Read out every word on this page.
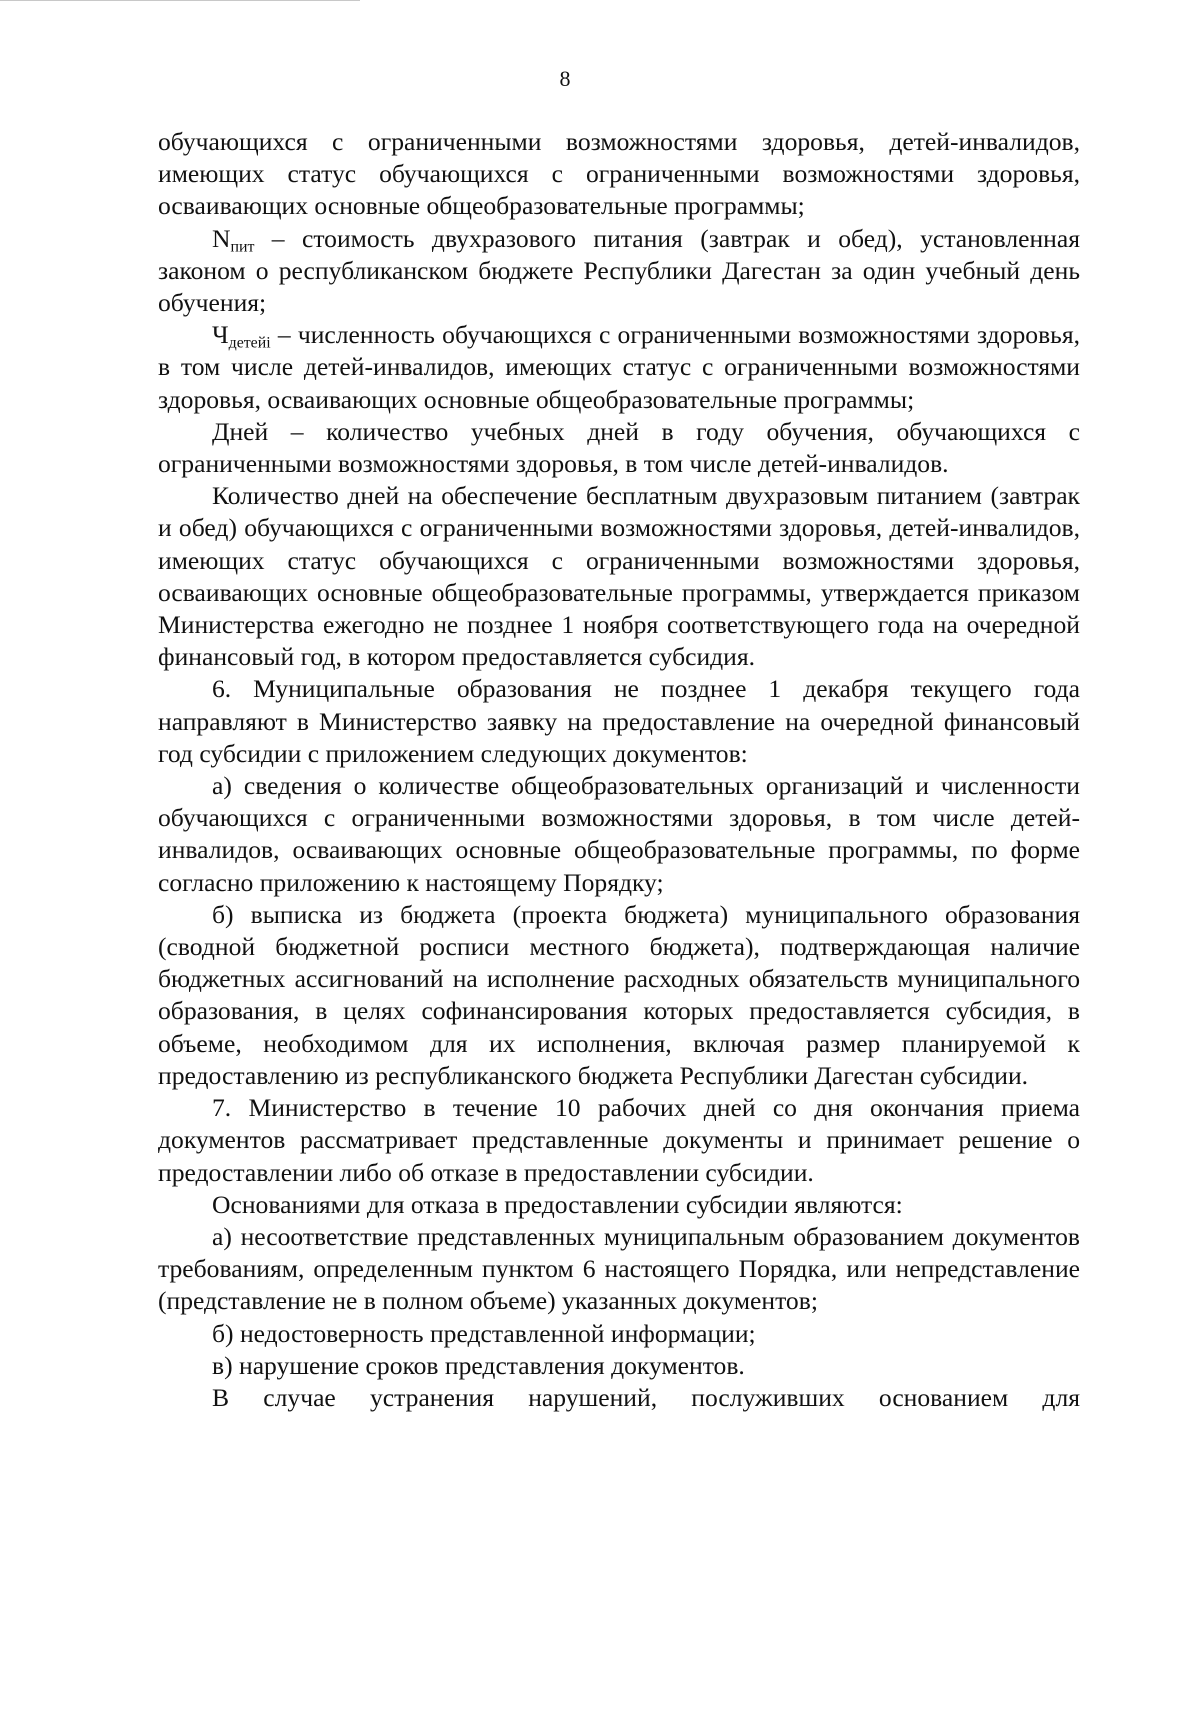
8

обучающихся с ограниченными возможностями здоровья, детей-инвалидов, имеющих статус обучающихся с ограниченными возможностями здоровья, осваивающих основные общеобразовательные программы;

$N_{пит}$ – стоимость двухразового питания (завтрак и обед), установленная законом о республиканском бюджете Республики Дагестан за один учебный день обучения;

$Ч_{детейi}$ – численность обучающихся с ограниченными возможностями здоровья, в том числе детей-инвалидов, имеющих статус с ограниченными возможностями здоровья, осваивающих основные общеобразовательные программы;

Дней – количество учебных дней в году обучения, обучающихся с ограниченными возможностями здоровья, в том числе детей-инвалидов.

Количество дней на обеспечение бесплатным двухразовым питанием (завтрак и обед) обучающихся с ограниченными возможностями здоровья, детей-инвалидов, имеющих статус обучающихся с ограниченными возможностями здоровья, осваивающих основные общеобразовательные программы, утверждается приказом Министерства ежегодно не позднее 1 ноября соответствующего года на очередной финансовый год, в котором предоставляется субсидия.

6. Муниципальные образования не позднее 1 декабря текущего года направляют в Министерство заявку на предоставление на очередной финансовый год субсидии с приложением следующих документов:

а) сведения о количестве общеобразовательных организаций и численности обучающихся с ограниченными возможностями здоровья, в том числе детей-инвалидов, осваивающих основные общеобразовательные программы, по форме согласно приложению к настоящему Порядку;

б) выписка из бюджета (проекта бюджета) муниципального образования (сводной бюджетной росписи местного бюджета), подтверждающая наличие бюджетных ассигнований на исполнение расходных обязательств муниципального образования, в целях софинансирования которых предоставляется субсидия, в объеме, необходимом для их исполнения, включая размер планируемой к предоставлению из республиканского бюджета Республики Дагестан субсидии.

7. Министерство в течение 10 рабочих дней со дня окончания приема документов рассматривает представленные документы и принимает решение о предоставлении либо об отказе в предоставлении субсидии.

Основаниями для отказа в предоставлении субсидии являются:

а) несоответствие представленных муниципальным образованием документов требованиям, определенным пунктом 6 настоящего Порядка, или непредставление (представление не в полном объеме) указанных документов;

б) недостоверность представленной информации;

в) нарушение сроков представления документов.

В случае устранения нарушений, послуживших основанием для
